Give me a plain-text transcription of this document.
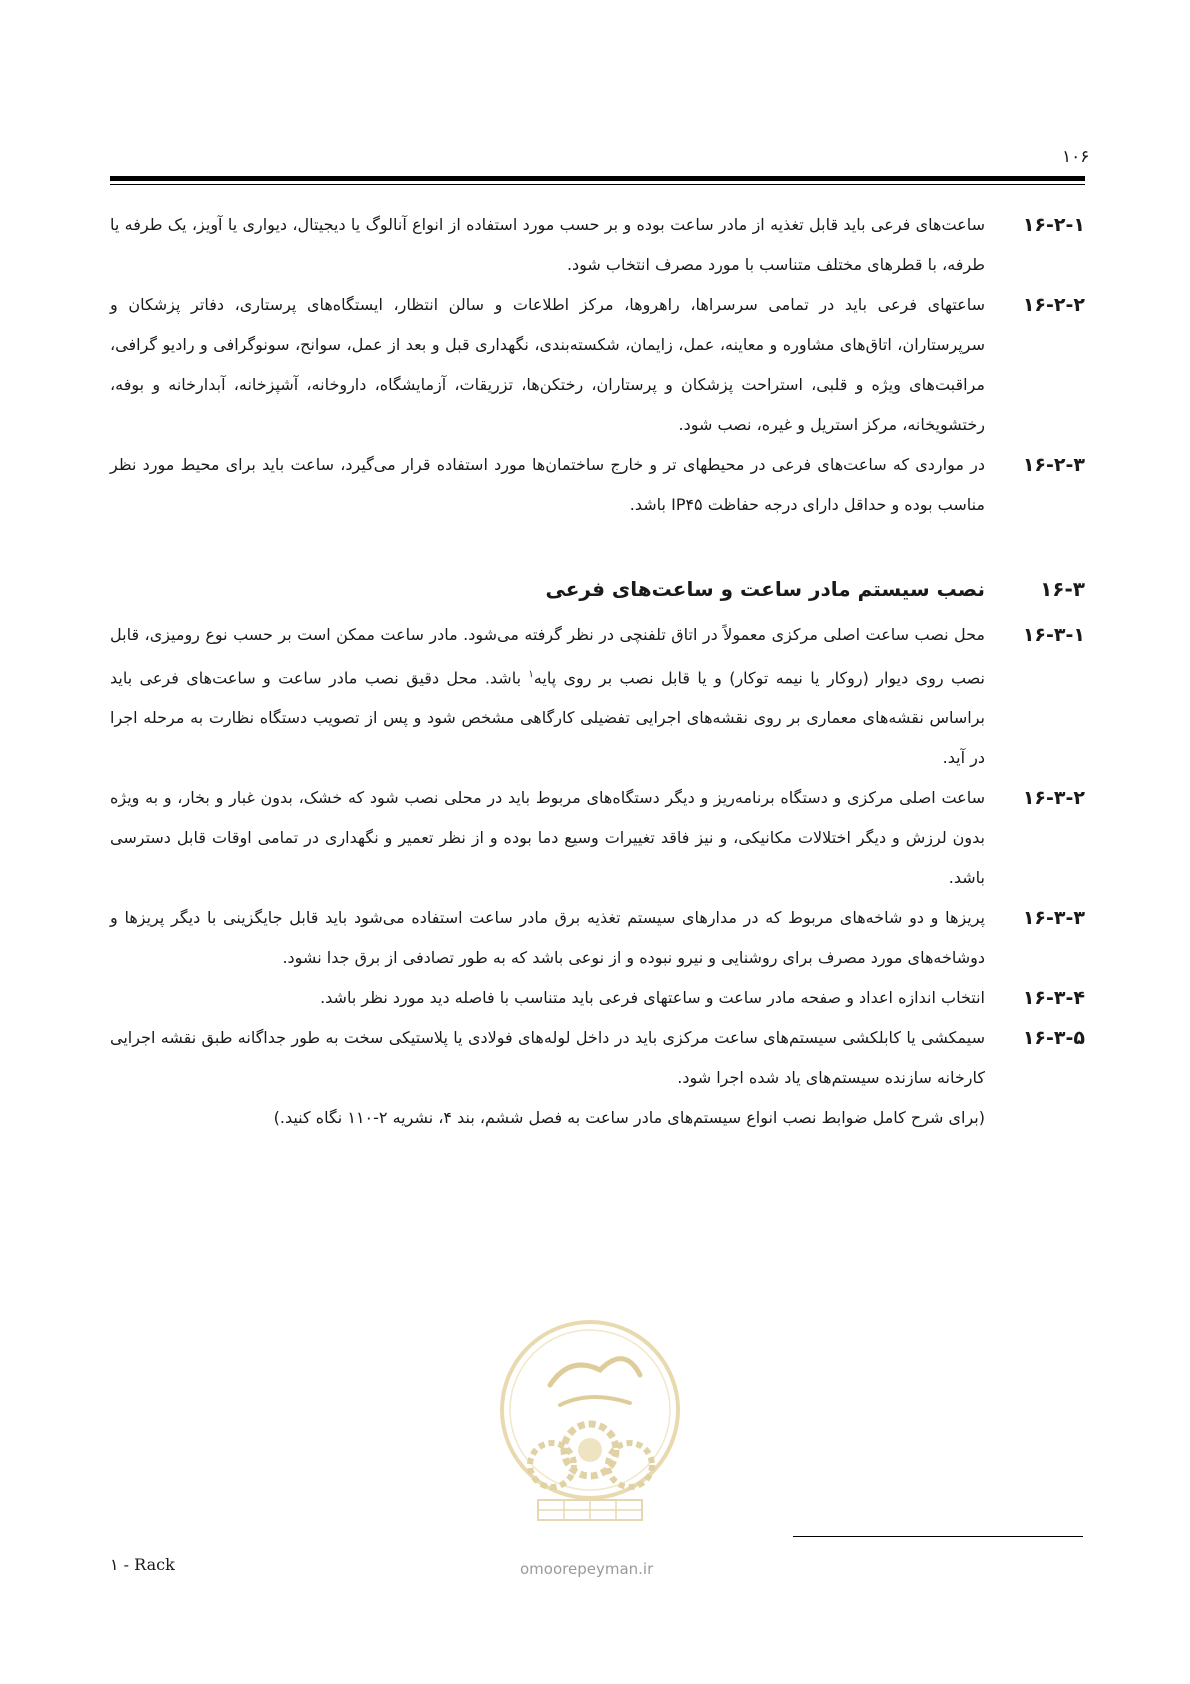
۱۰۶
۱۶-۲-۱
ساعت‌های فرعی باید قابل تغذیه از مادر ساعت بوده و بر حسب مورد استفاده از انواع آنالوگ یا دیجیتال، دیواری یا آویز، یک طرفه یا طرفه، با قطرهای مختلف متناسب با مورد مصرف انتخاب شود.
۱۶-۲-۲
ساعتهای فرعی باید در تمامی سرسراها، راهروها، مرکز اطلاعات و سالن انتظار، ایستگاه‌های پرستاری، دفاتر پزشکان و سرپرستاران، اتاق‌های مشاوره و معاینه، عمل، زایمان، شکسته‌بندی، نگهداری قبل و بعد از عمل، سوانح، سونوگرافی و رادیو گرافی، مراقبت‌های ویژه و قلبی، استراحت پزشکان و پرستاران، رختکن‌ها، تزریقات، آزمایشگاه، داروخانه، آشپزخانه، آبدارخانه و بوفه، رختشویخانه، مرکز استریل و غیره، نصب شود.
۱۶-۲-۳
در مواردی که ساعت‌های فرعی در محیطهای تر و خارج ساختمان‌ها مورد استفاده قرار می‌گیرد، ساعت باید برای محیط مورد نظر مناسب بوده و حداقل دارای درجه حفاظت IP۴۵ باشد.
۱۶-۳
نصب سیستم مادر ساعت و ساعت‌های فرعی
۱۶-۳-۱
محل نصب ساعت اصلی مرکزی معمولاً در اتاق تلفنچی در نظر گرفته می‌شود. مادر ساعت ممکن است بر حسب نوع رومیزی، قابل نصب روی دیوار (روکار یا نیمه توکار) و یا قابل نصب بر روی پایه$^۱$ باشد. محل دقیق نصب مادر ساعت و ساعت‌های فرعی باید براساس نقشه‌های معماری بر روی نقشه‌های اجرایی تفضیلی کارگاهی مشخص شود و پس از تصویب دستگاه نظارت به مرحله اجرا در آید.
۱۶-۳-۲
ساعت اصلی مرکزی و دستگاه برنامه‌ریز و دیگر دستگاه‌های مربوط باید در محلی نصب شود که خشک، بدون غبار و بخار، و به ویژه بدون لرزش و دیگر اختلالات مکانیکی، و نیز فاقد تغییرات وسیع دما بوده و از نظر تعمیر و نگهداری در تمامی اوقات قابل دسترسی باشد.
۱۶-۳-۳
پریزها و دو شاخه‌های مربوط که در مدارهای سیستم تغذیه برق مادر ساعت استفاده می‌شود باید قابل جایگزینی با دیگر پریزها و دوشاخه‌های مورد مصرف برای روشنایی و نیرو نبوده و از نوعی باشد که به طور تصادفی از برق جدا نشود.
۱۶-۳-۴
انتخاب اندازه اعداد و صفحه مادر ساعت و ساعتهای فرعی باید متناسب با فاصله دید مورد نظر باشد.
۱۶-۳-۵
سیمکشی یا کابلکشی سیستم‌های ساعت مرکزی باید در داخل لوله‌های فولادی یا پلاستیکی سخت به طور جداگانه طبق نقشه اجرایی کارخانه سازنده سیستم‌های یاد شده اجرا شود.
(برای شرح کامل ضوابط نصب انواع سیستم‌های مادر ساعت به فصل ششم، بند ۴، نشریه ۲-۱۱۰ نگاه کنید.)
omoorepeyman.ir
۱ - Rack
